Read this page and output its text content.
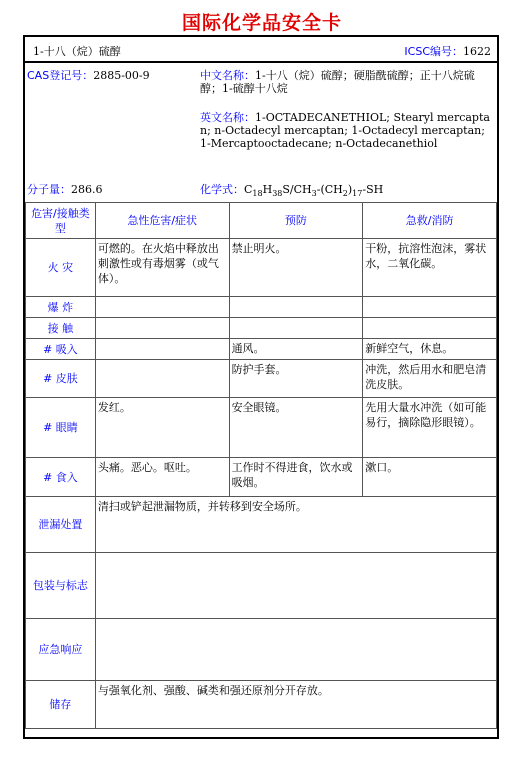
国际化学品安全卡
1-十八（烷）硫醇	ICSC编号：1622
CAS登记号：2885-00-9	中文名称：1-十八（烷）硫醇；硬脂酰硫醇；正十八烷硫醇；1-硫醇十八烷
英文名称：1-OCTADECANETHIOL; Stearyl mercaptan; n-Octadecyl mercaptan; 1-Octadecyl mercaptan; 1-Mercaptooctadecane; n-Octadecanethiol
分子量：286.6	化学式：$C_{18}H_{38}S/CH_3-(CH_2)_{17}-SH$
危害/接触类型	急性危害/症状	预防	急救/消防
火 灾	可燃的。在火焰中释放出刺激性或有毒烟雾（或气体）。	禁止明火。	干粉，抗溶性泡沫，雾状水，二氧化碳。
爆 炸			
接 触			
# 吸入		通风。	新鲜空气，休息。
# 皮肤		防护手套。	冲洗，然后用水和肥皂清洗皮肤。
# 眼睛	发红。	安全眼镜。	先用大量水冲洗（如可能易行，摘除隐形眼镜）。
# 食入	头痛。恶心。呕吐。	工作时不得进食，饮水或吸烟。	漱口。
泄漏处置	清扫或铲起泄漏物质，并转移到安全场所。		
包装与标志			
应急响应			
储存	与强氧化剂、强酸、碱类和强还原剂分开存放。		
